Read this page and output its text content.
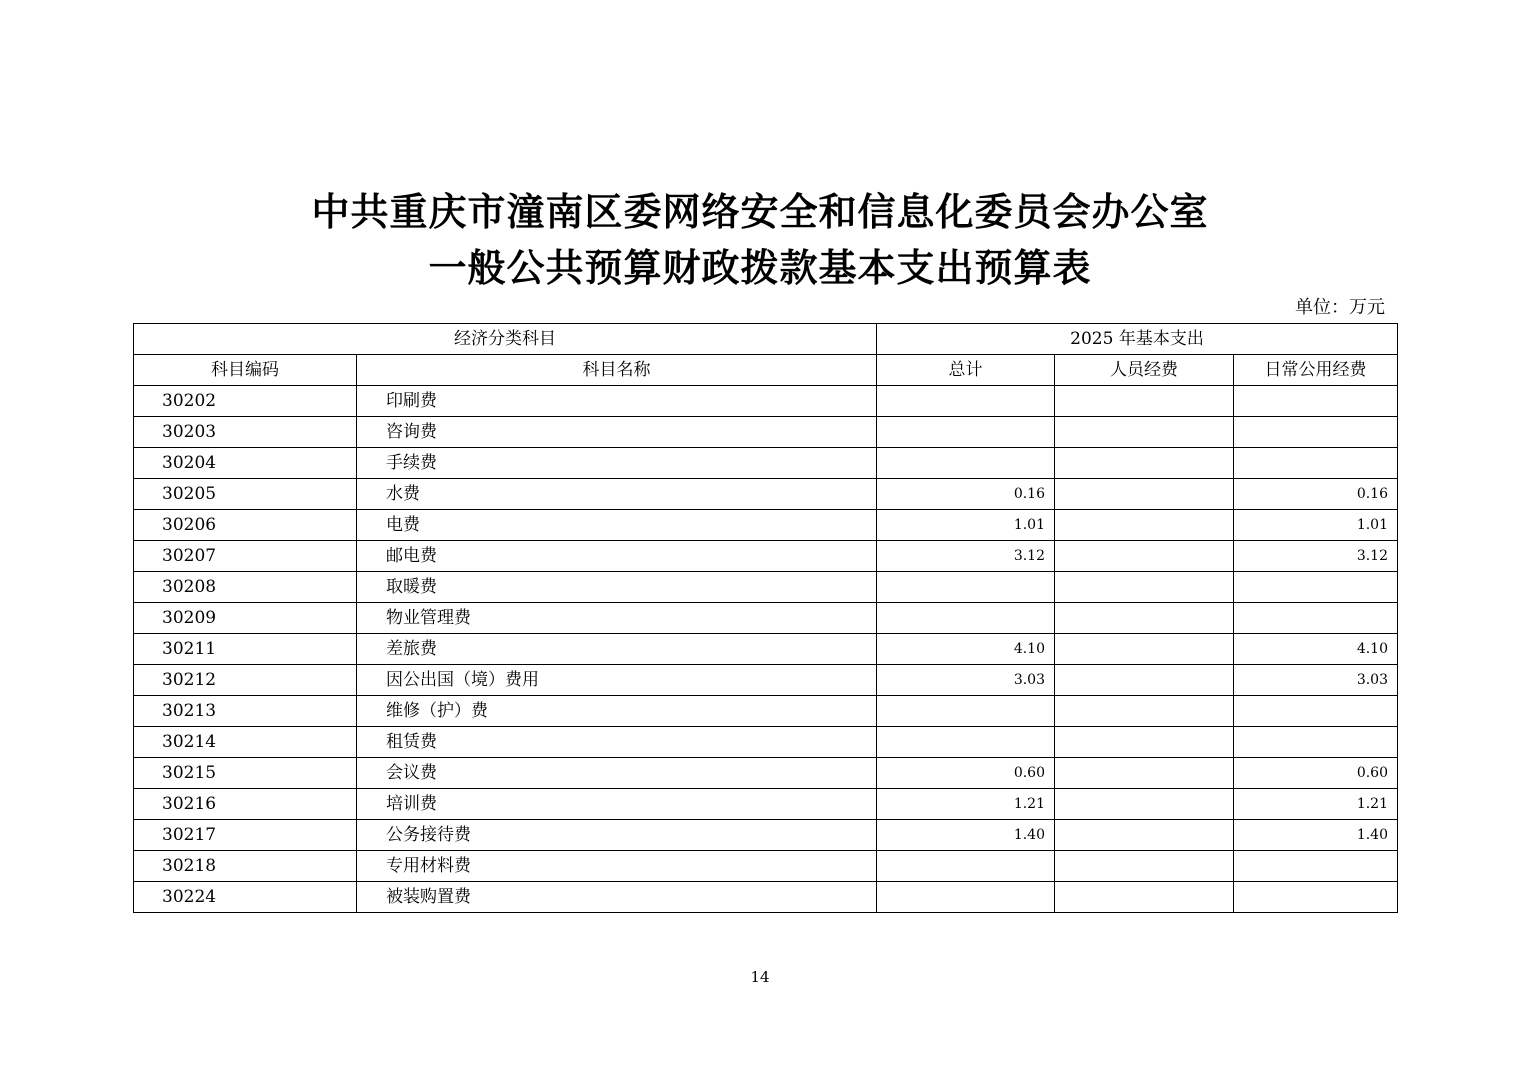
中共重庆市潼南区委网络安全和信息化委员会办公室
一般公共预算财政拨款基本支出预算表
单位：万元
经济分类科目		2025 年基本支出		
科目编码	科目名称	总计	人员经费	日常公用经费
30202	印刷费			
30203	咨询费			
30204	手续费			
30205	水费	0.16		0.16
30206	电费	1.01		1.01
30207	邮电费	3.12		3.12
30208	取暖费			
30209	物业管理费			
30211	差旅费	4.10		4.10
30212	因公出国（境）费用	3.03		3.03
30213	维修（护）费			
30214	租赁费			
30215	会议费	0.60		0.60
30216	培训费	1.21		1.21
30217	公务接待费	1.40		1.40
30218	专用材料费			
30224	被装购置费			
14
